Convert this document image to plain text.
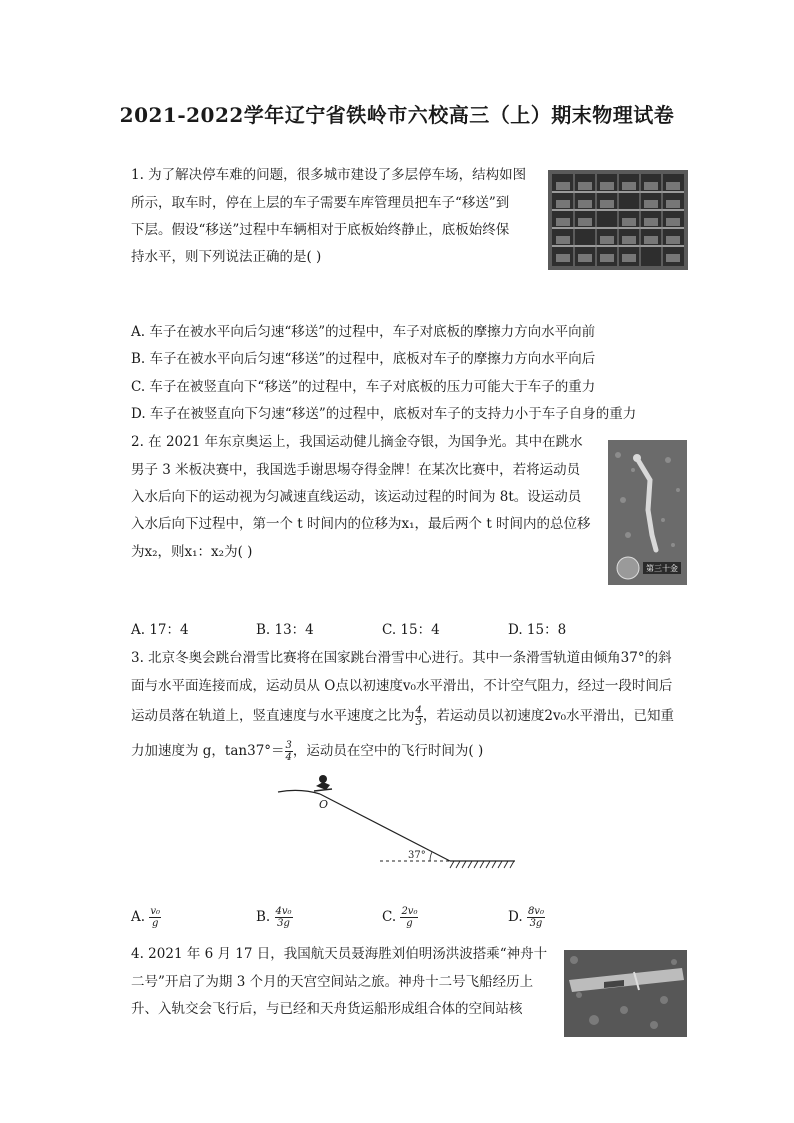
2021-2022学年辽宁省铁岭市六校高三（上）期末物理试卷
1. 为了解决停车难的问题，很多城市建设了多层停车场，结构如图
所示，取车时，停在上层的车子需要车库管理员把车子“移送”到
下层。假设“移送”过程中车辆相对于底板始终静止，底板始终保
持水平，则下列说法正确的是( )
A. 车子在被水平向后匀速“移送”的过程中，车子对底板的摩擦力方向水平向前
B. 车子在被水平向后匀速“移送”的过程中，底板对车子的摩擦力方向水平向后
C. 车子在被竖直向下“移送”的过程中，车子对底板的压力可能大于车子的重力
D. 车子在被竖直向下匀速“移送”的过程中，底板对车子的支持力小于车子自身的重力
2. 在 2021 年东京奥运上，我国运动健儿摘金夺银，为国争光。其中在跳水
男子 3 米板决赛中，我国选手谢思埸夺得金牌！在某次比赛中，若将运动员
入水后向下的运动视为匀减速直线运动，该运动过程的时间为 8t。设运动员
入水后向下过程中，第一个 t 时间内的位移为x₁，最后两个 t 时间内的总位移
为x₂，则x₁：x₂为( )
第三十金
A. 17：4	B. 13：4	C. 15：4	D. 15：8
3. 北京冬奥会跳台滑雪比赛将在国家跳台滑雪中心进行。其中一条滑雪轨道由倾角37°的斜
面与水平面连接而成，运动员从 O点以初速度v₀水平滑出，不计空气阻力，经过一段时间后
运动员落在轨道上，竖直速度与水平速度之比为 $\frac{4}{3}$ ，若运动员以初速度2v₀水平滑出，已知重
力加速度为 g，$\tan 37^\circ= \frac{3}{4}$ ，运动员在空中的飞行时间为( )
37°
O
A. $\frac{\text{v₀}}{g}$	B. $\frac{\text{4v₀}}{3g}$	C. $\frac{\text{2v₀}}{g}$	D. $\frac{\text{8v₀}}{3g}$
4. 2021 年 6 月 17 日，我国航天员聂海胜刘伯明汤洪波搭乘“神舟十
二号”开启了为期 3 个月的天宫空间站之旅。神舟十二号飞船经历上
升、入轨交会飞行后，与已经和天舟货运船形成组合体的空间站核
